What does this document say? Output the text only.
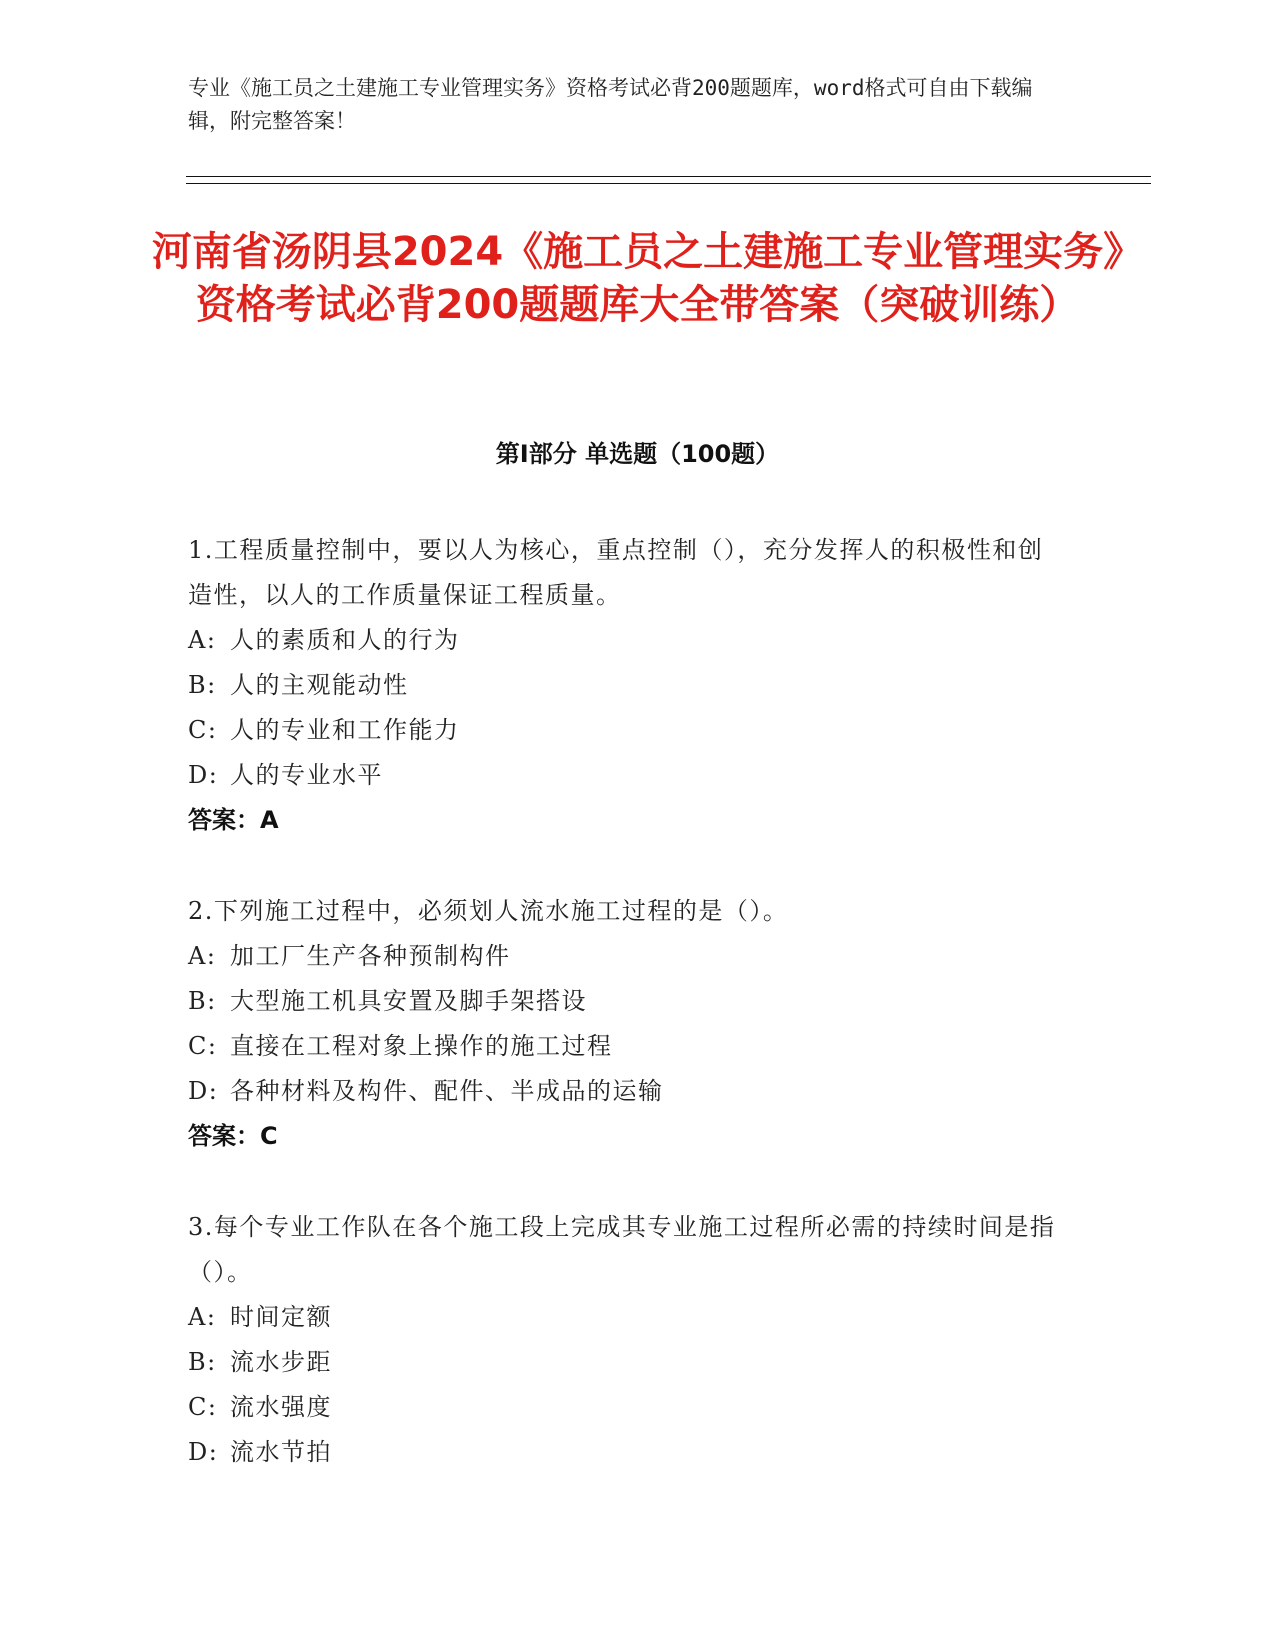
专业《施工员之土建施工专业管理实务》资格考试必背200题题库，word格式可自由下载编辑，附完整答案！
河南省汤阴县2024《施工员之土建施工专业管理实务》资格考试必背200题题库大全带答案（突破训练）
第Ⅰ部分 单选题（100题）
1.工程质量控制中，要以人为核心，重点控制（），充分发挥人的积极性和创造性，以人的工作质量保证工程质量。
A: 人的素质和人的行为
B: 人的主观能动性
C: 人的专业和工作能力
D: 人的专业水平
答案：A
2.下列施工过程中，必须划人流水施工过程的是（）。
A: 加工厂生产各种预制构件
B: 大型施工机具安置及脚手架搭设
C: 直接在工程对象上操作的施工过程
D: 各种材料及构件、配件、半成品的运输
答案：C
3.每个专业工作队在各个施工段上完成其专业施工过程所必需的持续时间是指（）。
A: 时间定额
B: 流水步距
C: 流水强度
D: 流水节拍
